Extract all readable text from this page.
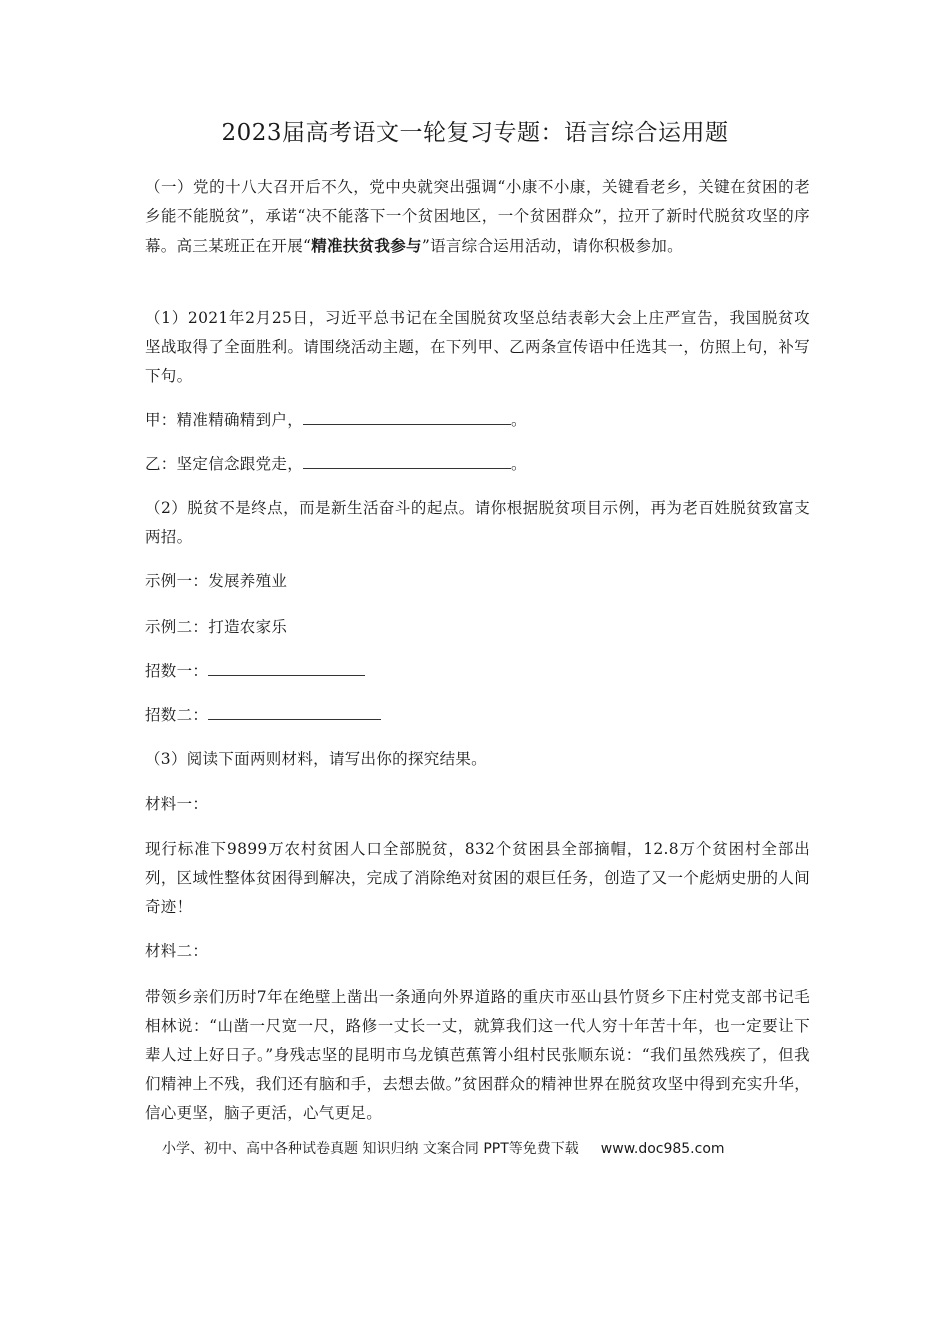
2023届高考语文一轮复习专题：语言综合运用题
（一）党的十八大召开后不久，党中央就突出强调“小康不小康，关键看老乡，关键在贫困的老乡能不能脱贫”，承诺“决不能落下一个贫困地区，一个贫困群众”，拉开了新时代脱贫攻坚的序幕。高三某班正在开展“精准扶贫我参与”语言综合运用活动，请你积极参加。
（1）2021年2月25日，习近平总书记在全国脱贫攻坚总结表彰大会上庄严宣告，我国脱贫攻坚战取得了全面胜利。请围绕活动主题，在下列甲、乙两条宣传语中任选其一，仿照上句，补写下句。
甲：精准精确精到户，	。
乙：坚定信念跟党走，	。
（2）脱贫不是终点，而是新生活奋斗的起点。请你根据脱贫项目示例，再为老百姓脱贫致富支两招。
示例一：发展养殖业
示例二：打造农家乐
招数一：
招数二：
（3）阅读下面两则材料，请写出你的探究结果。
材料一：
现行标准下9899万农村贫困人口全部脱贫，832个贫困县全部摘帽，12.8万个贫困村全部出列，区域性整体贫困得到解决，完成了消除绝对贫困的艰巨任务，创造了又一个彪炳史册的人间奇迹！
材料二：
带领乡亲们历时7年在绝壁上凿出一条通向外界道路的重庆市巫山县竹贤乡下庄村党支部书记毛相林说：“山凿一尺宽一尺，路修一丈长一丈，就算我们这一代人穷十年苦十年，也一定要让下辈人过上好日子。”身残志坚的昆明市乌龙镇芭蕉箐小组村民张顺东说：“我们虽然残疾了，但我们精神上不残，我们还有脑和手，去想去做。”贫困群众的精神世界在脱贫攻坚中得到充实升华，信心更坚，脑子更活，心气更足。
小学、初中、高中各种试卷真题 知识归纳 文案合同 PPT等免费下载 www.doc985.com
